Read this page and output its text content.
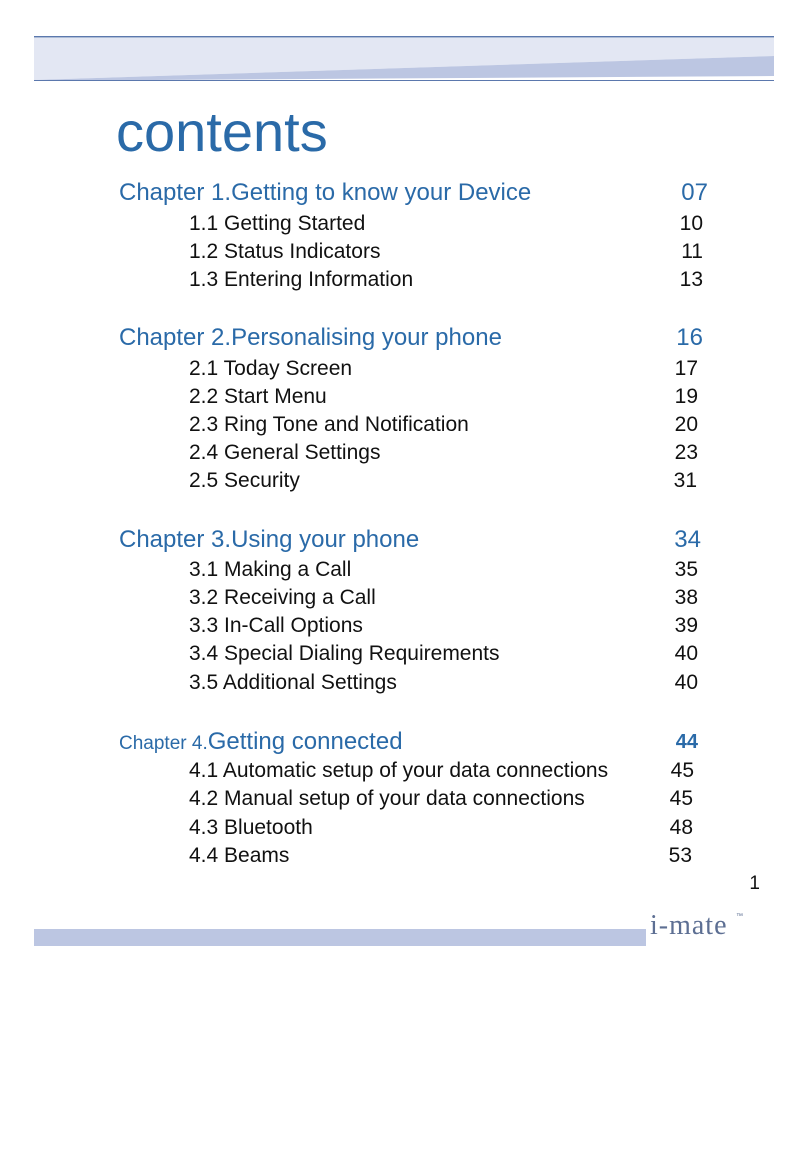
contents
Chapter 1.Getting to know your Device	07
1.1 Getting Started	10
1.2 Status Indicators	11
1.3 Entering Information	13
Chapter 2.Personalising your phone	16
2.1 Today Screen	17
2.2 Start Menu	19
2.3 Ring Tone and Notification	20
2.4 General Settings	23
2.5 Security	31
Chapter 3.Using your phone	34
3.1 Making a Call	35
3.2 Receiving a Call	38
3.3 In-Call Options	39
3.4 Special Dialing Requirements	40
3.5 Additional Settings	40
Chapter 4.Getting connected	44
4.1 Automatic setup of your data connections	45
4.2 Manual setup of your data connections	45
4.3 Bluetooth	48
4.4 Beams	53
1
i-mate ™
